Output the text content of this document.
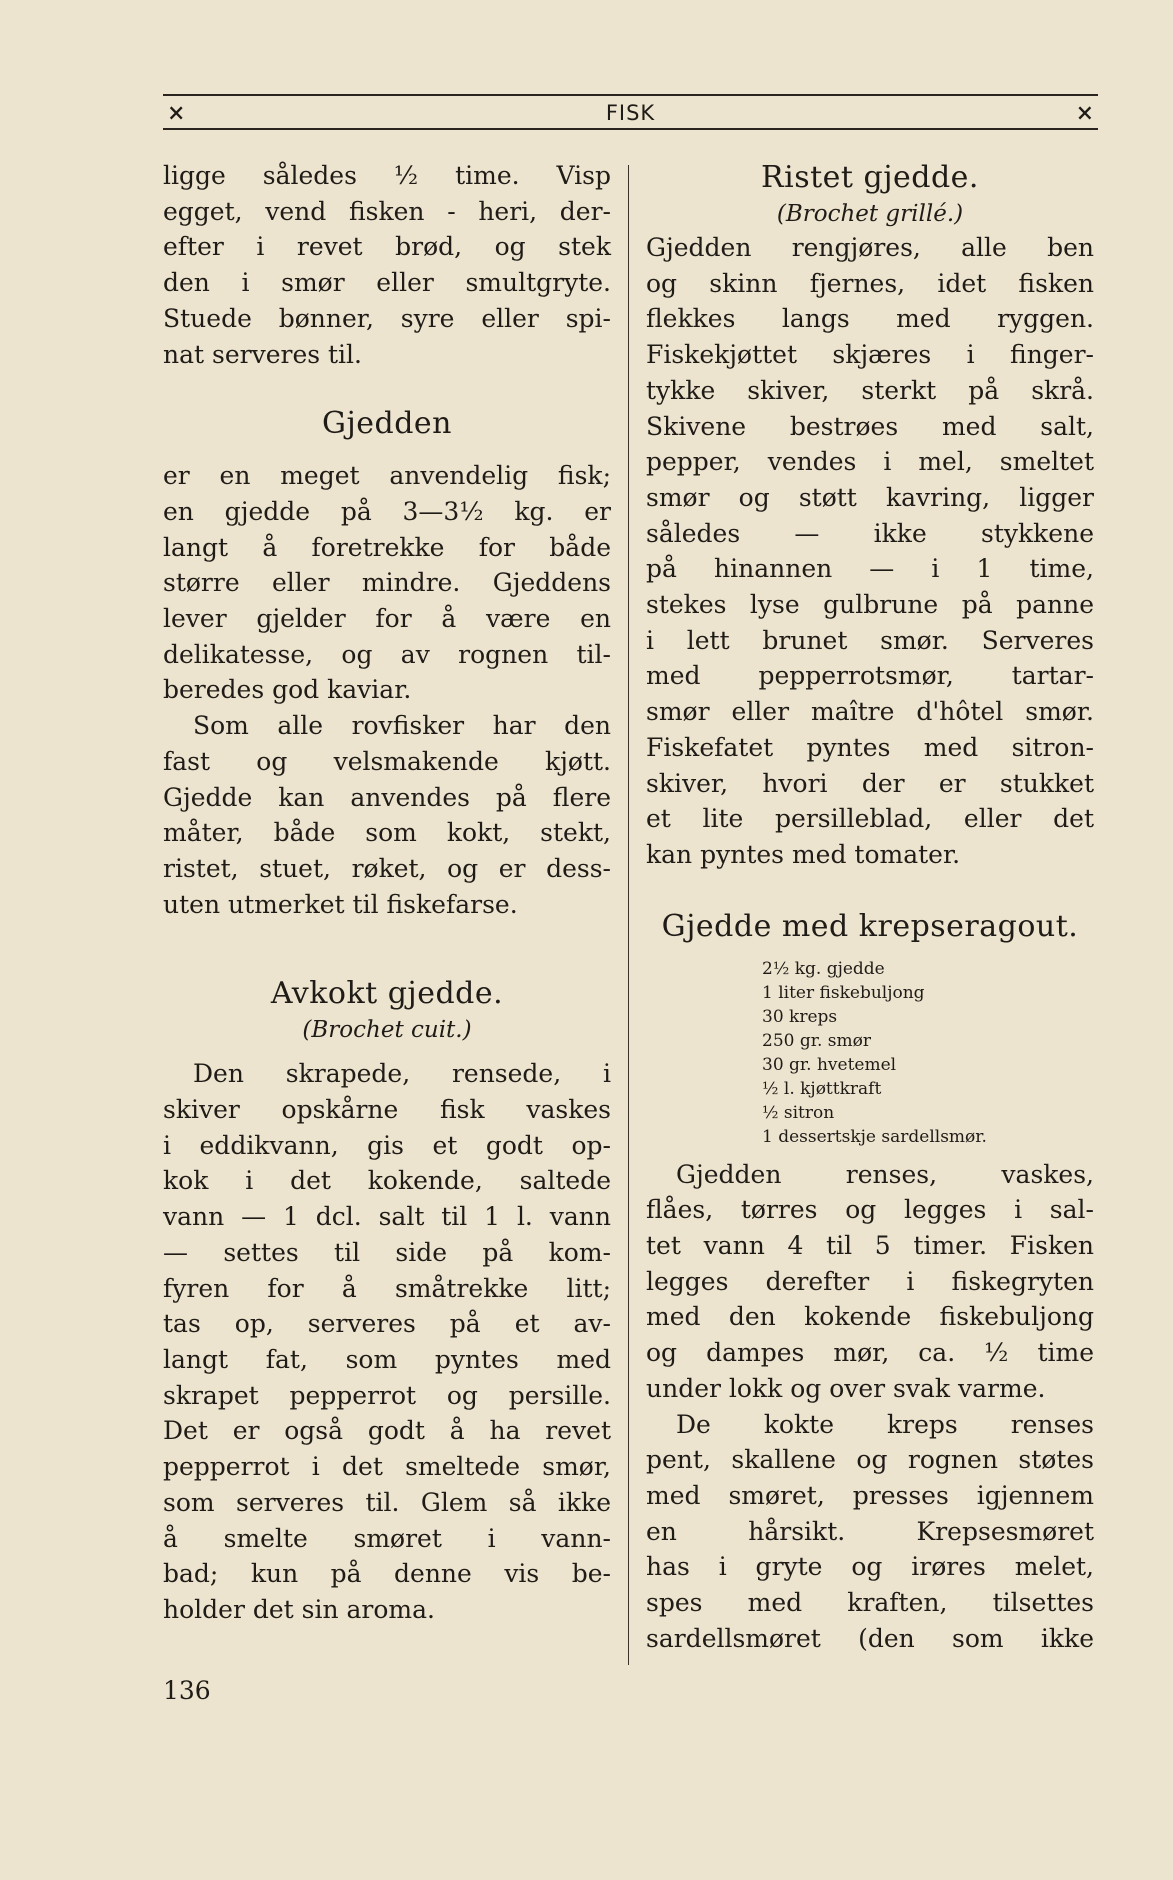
×	FISK	×

ligge således ½ time. Visp
egget, vend fisken - heri, der-
efter i revet brød, og stek
den i smør eller smultgryte.
Stuede bønner, syre eller spi-
nat serveres til.

Gjedden

er en meget anvendelig fisk;
en gjedde på 3—3½ kg. er
langt å foretrekke for både
større eller mindre. Gjeddens
lever gjelder for å være en
delikatesse, og av rognen til-
beredes god kaviar.

Som alle rovfisker har den
fast og velsmakende kjøtt.
Gjedde kan anvendes på flere
måter, både som kokt, stekt,
ristet, stuet, røket, og er dess-
uten utmerket til fiskefarse.

Avkokt gjedde.
(Brochet cuit.)

Den skrapede, rensede, i
skiver opskårne fisk vaskes
i eddikvann, gis et godt op-
kok i det kokende, saltede
vann — 1 dcl. salt til 1 l. vann
— settes til side på kom-
fyren for å småtrekke litt;
tas op, serveres på et av-
langt fat, som pyntes med
skrapet pepperrot og persille.
Det er også godt å ha revet
pepperrot i det smeltede smør,
som serveres til. Glem så ikke
å smelte smøret i vann-
bad; kun på denne vis be-
holder det sin aroma.

Ristet gjedde.
(Brochet grillé.)

Gjedden rengjøres, alle ben
og skinn fjernes, idet fisken
flekkes langs med ryggen.
Fiskekjøttet skjæres i finger-
tykke skiver, sterkt på skrå.
Skivene bestrøes med salt,
pepper, vendes i mel, smeltet
smør og støtt kavring, ligger
således — ikke stykkene
på hinannen — i 1 time,
stekes lyse gulbrune på panne
i lett brunet smør. Serveres
med pepperrotsmør, tartar-
smør eller maître d'hôtel smør.
Fiskefatet pyntes med sitron-
skiver, hvori der er stukket
et lite persilleblad, eller det
kan pyntes med tomater.

Gjedde med krepseragout.
2½ kg. gjedde
1 liter fiskebuljong
30 kreps
250 gr. smør
30 gr. hvetemel
½ l. kjøttkraft
½ sitron
1 dessertskje sardellsmør.

Gjedden renses, vaskes,
flåes, tørres og legges i sal-
tet vann 4 til 5 timer. Fisken
legges derefter i fiskegryten
med den kokende fiskebuljong
og dampes mør, ca. ½ time
under lokk og over svak varme.

De kokte kreps renses
pent, skallene og rognen støtes
med smøret, presses igjennem
en hårsikt. Krepsesmøret
has i gryte og irøres melet,
spes med kraften, tilsettes
sardellsmøret (den som ikke

136
